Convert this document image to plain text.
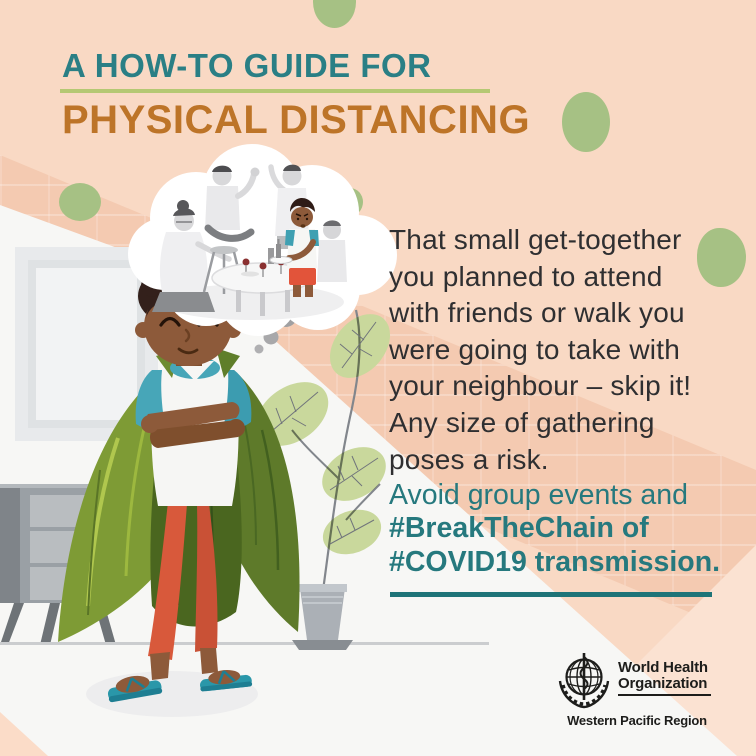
A HOW-TO GUIDE FOR
PHYSICAL DISTANCING
That small get-together
you planned to attend
with friends or walk you
were going to take with
your neighbour – skip it!
Any size of gathering
poses a risk.
Avoid group events and
#BreakTheChain of
#COVID19 transmission.
World Health
Organization
Western Pacific Region
